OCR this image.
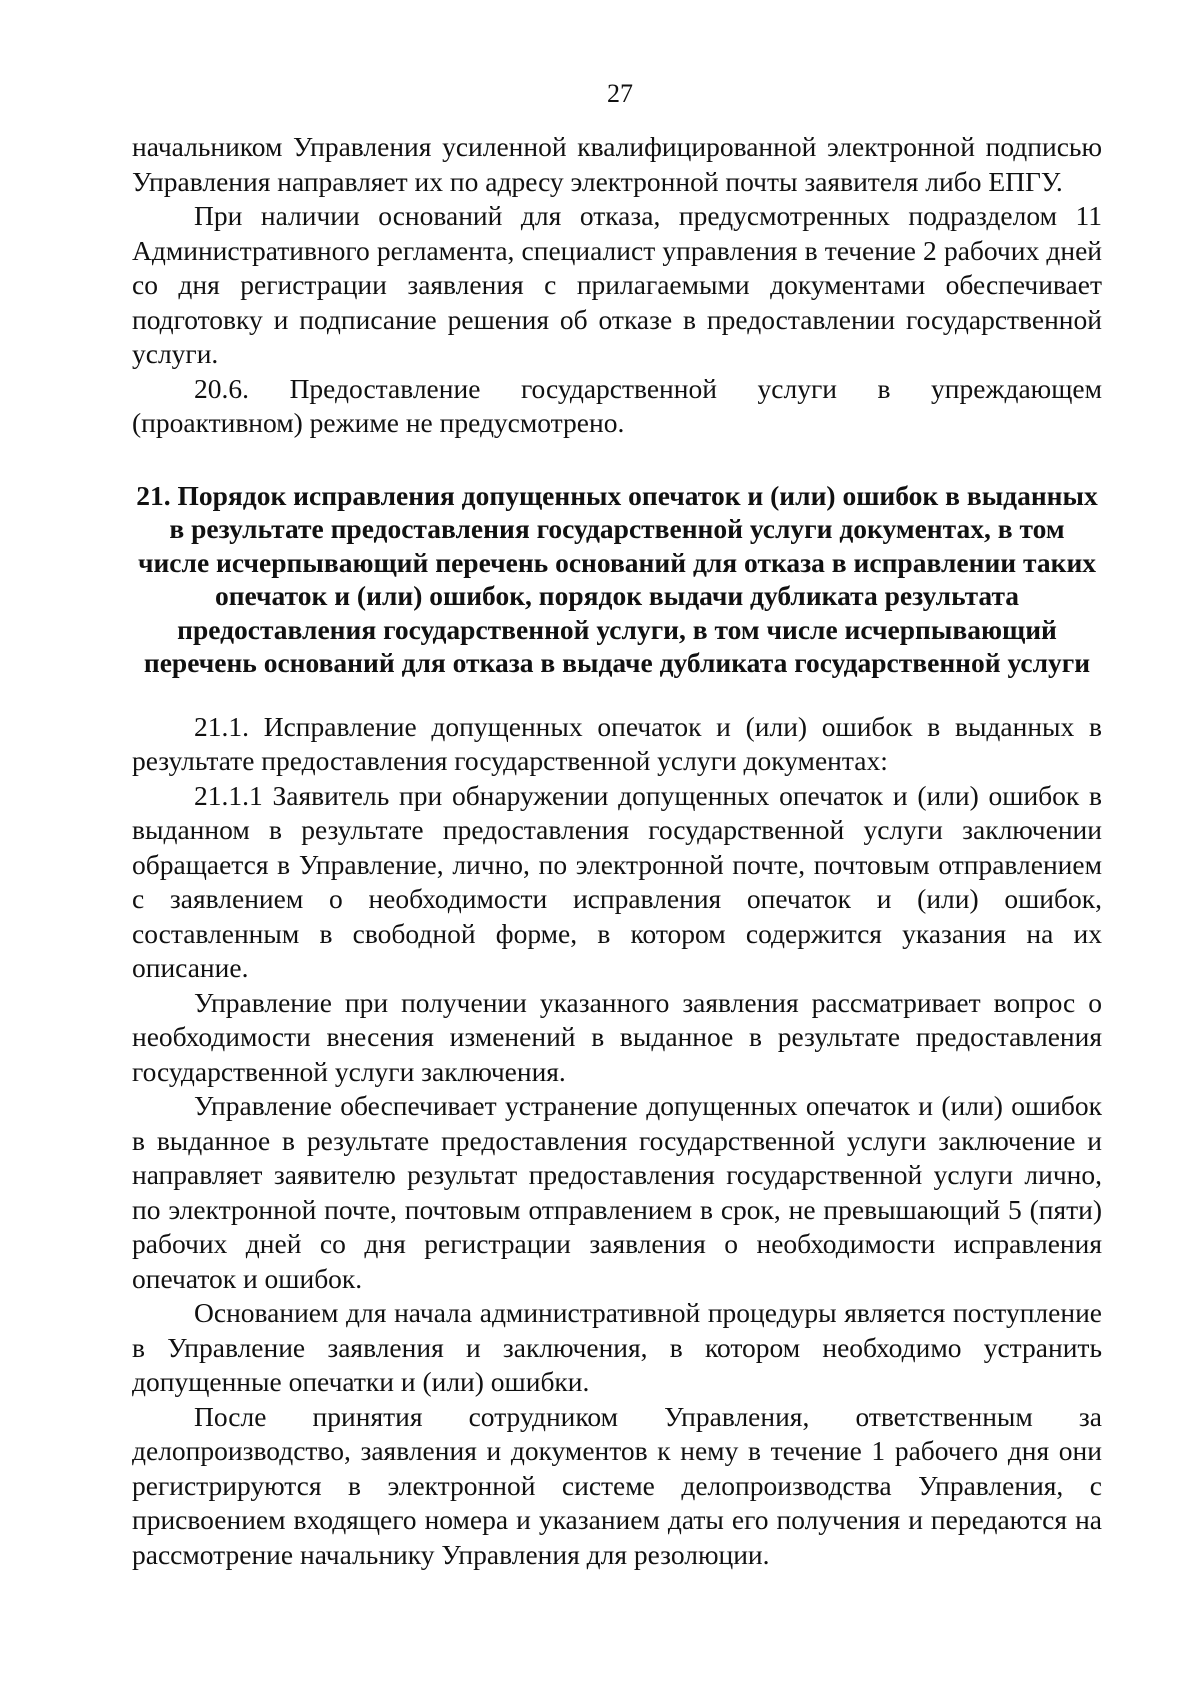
27

начальником Управления усиленной квалифицированной электронной подписью Управления направляет их по адресу электронной почты заявителя либо ЕПГУ.

При наличии оснований для отказа, предусмотренных подразделом 11 Административного регламента, специалист управления в течение 2 рабочих дней со дня регистрации заявления с прилагаемыми документами обеспечивает подготовку и подписание решения об отказе в предоставлении государственной услуги.

20.6. Предоставление государственной услуги в упреждающем (проактивном) режиме не предусмотрено.

21. Порядок исправления допущенных опечаток и (или) ошибок в выданных в результате предоставления государственной услуги документах, в том числе исчерпывающий перечень оснований для отказа в исправлении таких опечаток и (или) ошибок, порядок выдачи дубликата результата предоставления государственной услуги, в том числе исчерпывающий перечень оснований для отказа в выдаче дубликата государственной услуги

21.1. Исправление допущенных опечаток и (или) ошибок в выданных в результате предоставления государственной услуги документах:

21.1.1 Заявитель при обнаружении допущенных опечаток и (или) ошибок в выданном в результате предоставления государственной услуги заключении обращается в Управление, лично, по электронной почте, почтовым отправлением с заявлением о необходимости исправления опечаток и (или) ошибок, составленным в свободной форме, в котором содержится указания на их описание.

Управление при получении указанного заявления рассматривает вопрос о необходимости внесения изменений в выданное в результате предоставления государственной услуги заключения.

Управление обеспечивает устранение допущенных опечаток и (или) ошибок в выданное в результате предоставления государственной услуги заключение и направляет заявителю результат предоставления государственной услуги лично, по электронной почте, почтовым отправлением в срок, не превышающий 5 (пяти) рабочих дней со дня регистрации заявления о необходимости исправления опечаток и ошибок.

Основанием для начала административной процедуры является поступление в Управление заявления и заключения, в котором необходимо устранить допущенные опечатки и (или) ошибки.

После принятия сотрудником Управления, ответственным за делопроизводство, заявления и документов к нему в течение 1 рабочего дня они регистрируются в электронной системе делопроизводства Управления, с присвоением входящего номера и указанием даты его получения и передаются на рассмотрение начальнику Управления для резолюции.
